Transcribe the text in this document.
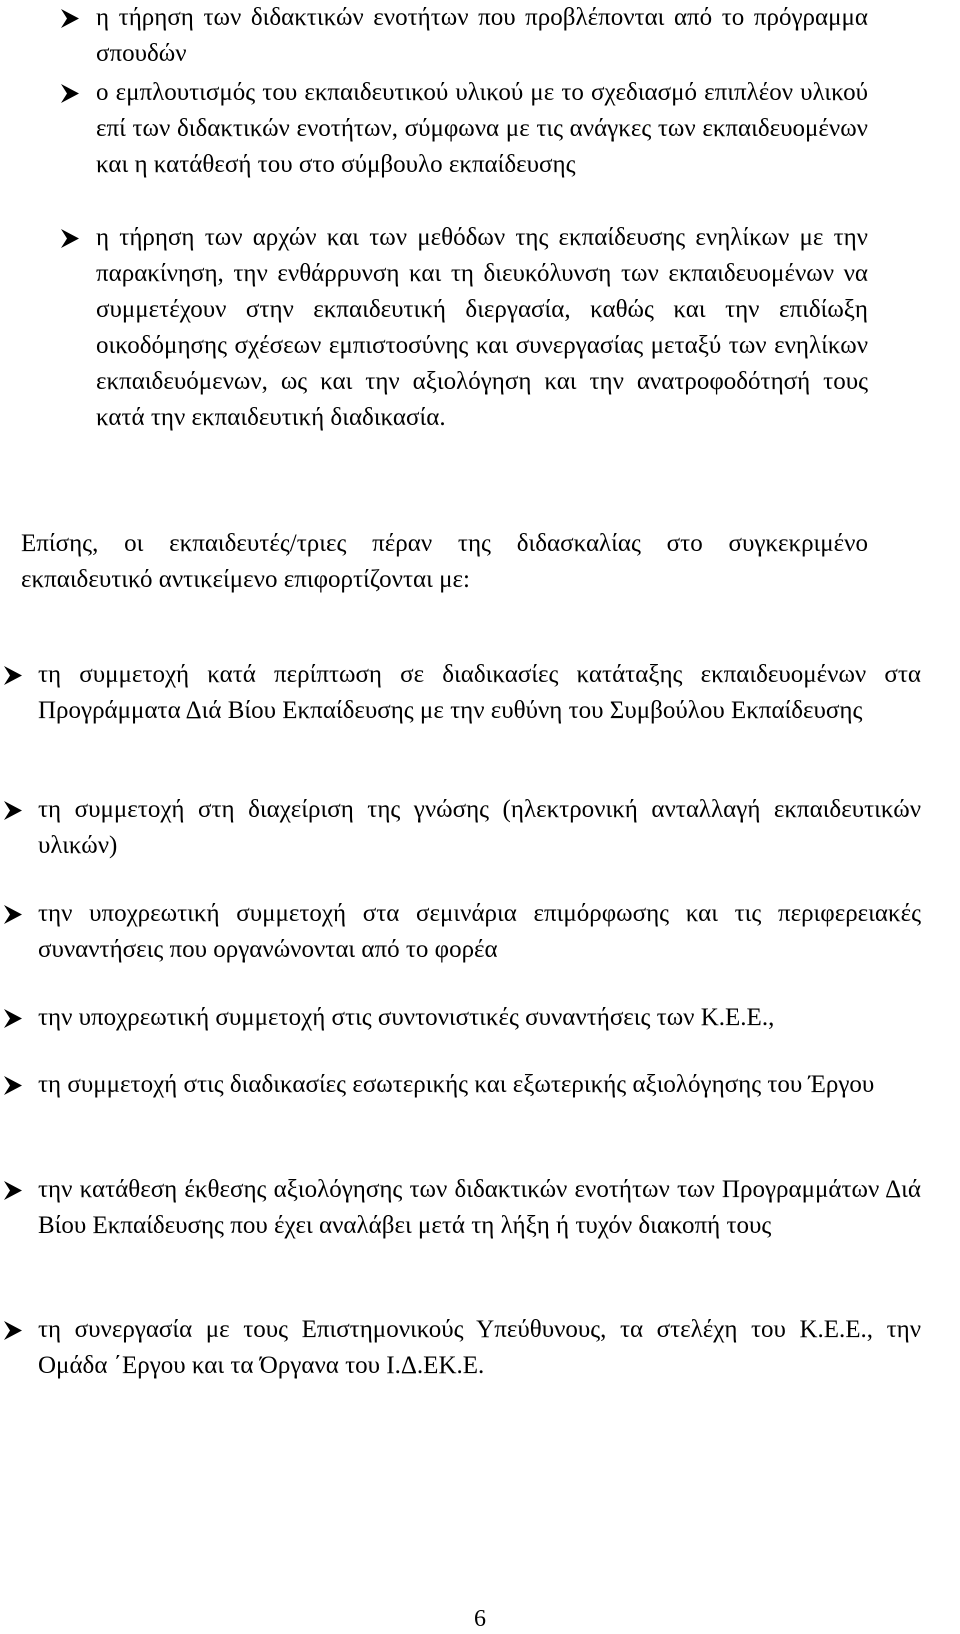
η τήρηση των διδακτικών ενοτήτων που προβλέπονται από το πρόγραμμα σπουδών
ο εμπλουτισμός του εκπαιδευτικού υλικού με το σχεδιασμό επιπλέον υλικού επί των διδακτικών ενοτήτων, σύμφωνα με τις ανάγκες των εκπαιδευομένων και η κατάθεσή του στο σύμβουλο εκπαίδευσης
η τήρηση των αρχών και των μεθόδων της εκπαίδευσης ενηλίκων με την παρακίνηση, την ενθάρρυνση και τη διευκόλυνση των εκπαιδευομένων να συμμετέχουν στην εκπαιδευτική διεργασία, καθώς και την επιδίωξη οικοδόμησης σχέσεων εμπιστοσύνης και συνεργασίας μεταξύ των ενηλίκων εκπαιδευόμενων, ως και την αξιολόγηση και την ανατροφοδότησή τους κατά την εκπαιδευτική διαδικασία.

Επίσης, οι εκπαιδευτές/τριες πέραν της διδασκαλίας στο συγκεκριμένο εκπαιδευτικό αντικείμενο επιφορτίζονται με:

τη συμμετοχή κατά περίπτωση σε διαδικασίες κατάταξης εκπαιδευομένων στα Προγράμματα Διά Βίου Εκπαίδευσης με την ευθύνη του Συμβούλου Εκπαίδευσης
τη συμμετοχή στη διαχείριση της γνώσης (ηλεκτρονική ανταλλαγή εκπαιδευτικών υλικών)
την υποχρεωτική συμμετοχή στα σεμινάρια επιμόρφωσης και τις περιφερειακές συναντήσεις που οργανώνονται από το φορέα
την υποχρεωτική συμμετοχή στις συντονιστικές συναντήσεις των Κ.Ε.Ε.,
τη συμμετοχή στις διαδικασίες εσωτερικής και εξωτερικής αξιολόγησης του Έργου
την κατάθεση έκθεσης αξιολόγησης των διδακτικών ενοτήτων των Προγραμμάτων Διά Βίου Εκπαίδευσης που έχει αναλάβει μετά τη λήξη ή τυχόν διακοπή τους
τη συνεργασία με τους Επιστημονικούς Υπεύθυνους, τα στελέχη του Κ.Ε.Ε., την Ομάδα ΄Εργου και τα Όργανα του Ι.Δ.ΕΚ.Ε.
6
